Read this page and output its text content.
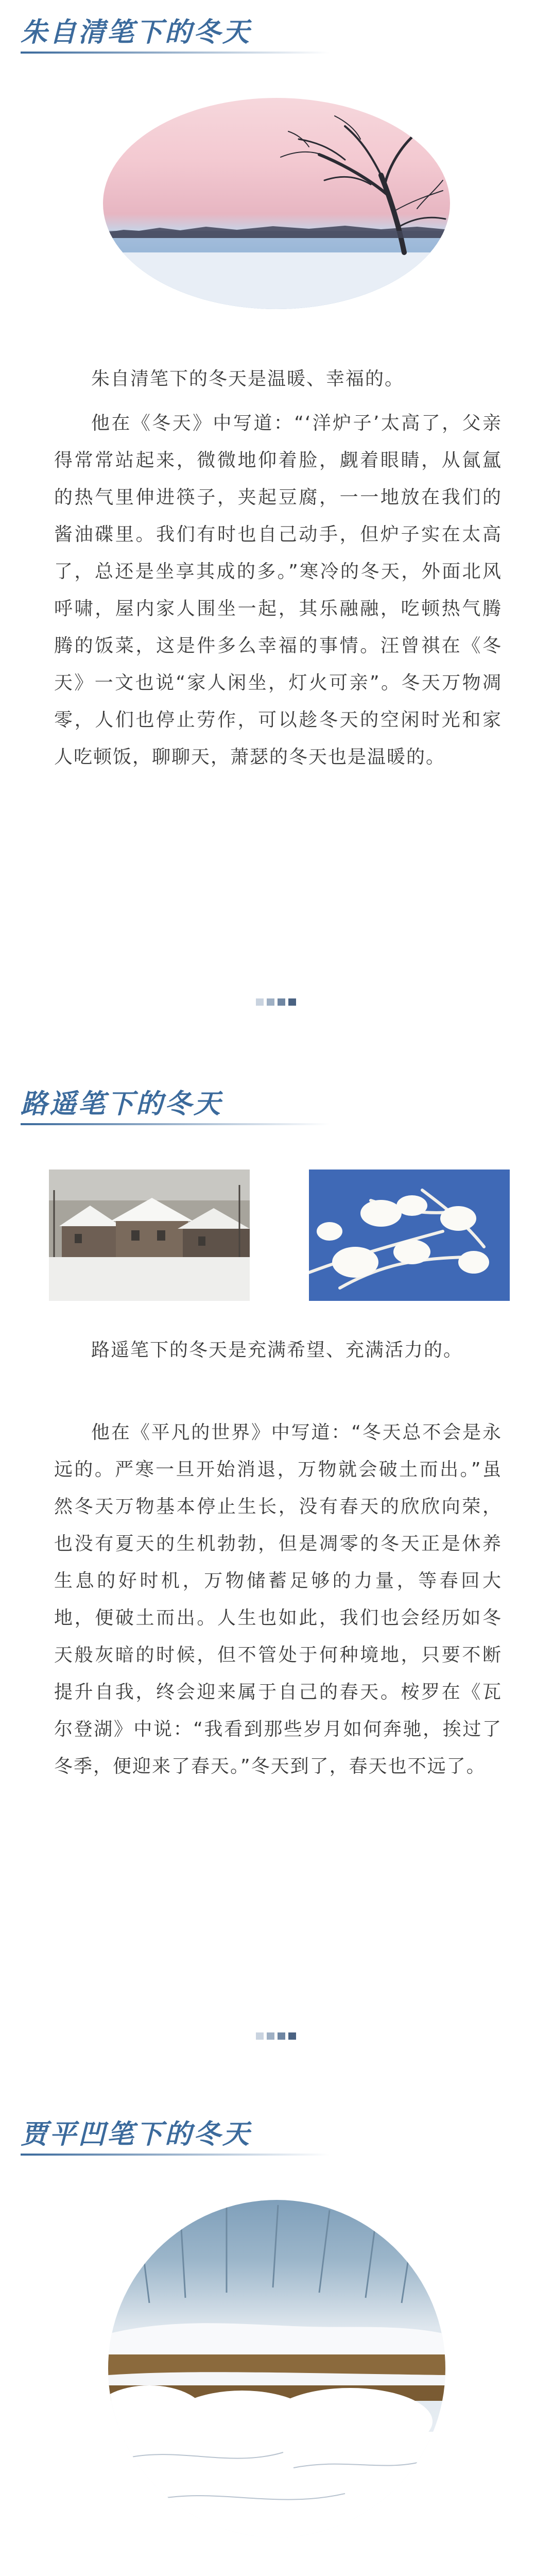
朱自清笔下的冬天

朱自清笔下的冬天是温暖、幸福的。

他在《冬天》中写道：“‘洋炉子’太高了，父亲得常常站起来，微微地仰着脸，觑着眼睛，从氤氲的热气里伸进筷子，夹起豆腐，一一地放在我们的酱油碟里。我们有时也自己动手，但炉子实在太高了，总还是坐享其成的多。”寒冷的冬天，外面北风呼啸，屋内家人围坐一起，其乐融融，吃顿热气腾腾的饭菜，这是件多么幸福的事情。汪曾祺在《冬天》一文也说“家人闲坐，灯火可亲”。冬天万物凋零，人们也停止劳作，可以趁冬天的空闲时光和家人吃顿饭，聊聊天，萧瑟的冬天也是温暖的。

路遥笔下的冬天

路遥笔下的冬天是充满希望、充满活力的。

他在《平凡的世界》中写道：“冬天总不会是永远的。严寒一旦开始消退，万物就会破土而出。”虽然冬天万物基本停止生长，没有春天的欣欣向荣，也没有夏天的生机勃勃，但是凋零的冬天正是休养生息的好时机，万物储蓄足够的力量，等春回大地，便破土而出。人生也如此，我们也会经历如冬天般灰暗的时候，但不管处于何种境地，只要不断提升自我，终会迎来属于自己的春天。桉罗在《瓦尔登湖》中说：“我看到那些岁月如何奔驰，挨过了冬季，便迎来了春天。”冬天到了，春天也不远了。

贾平凹笔下的冬天
